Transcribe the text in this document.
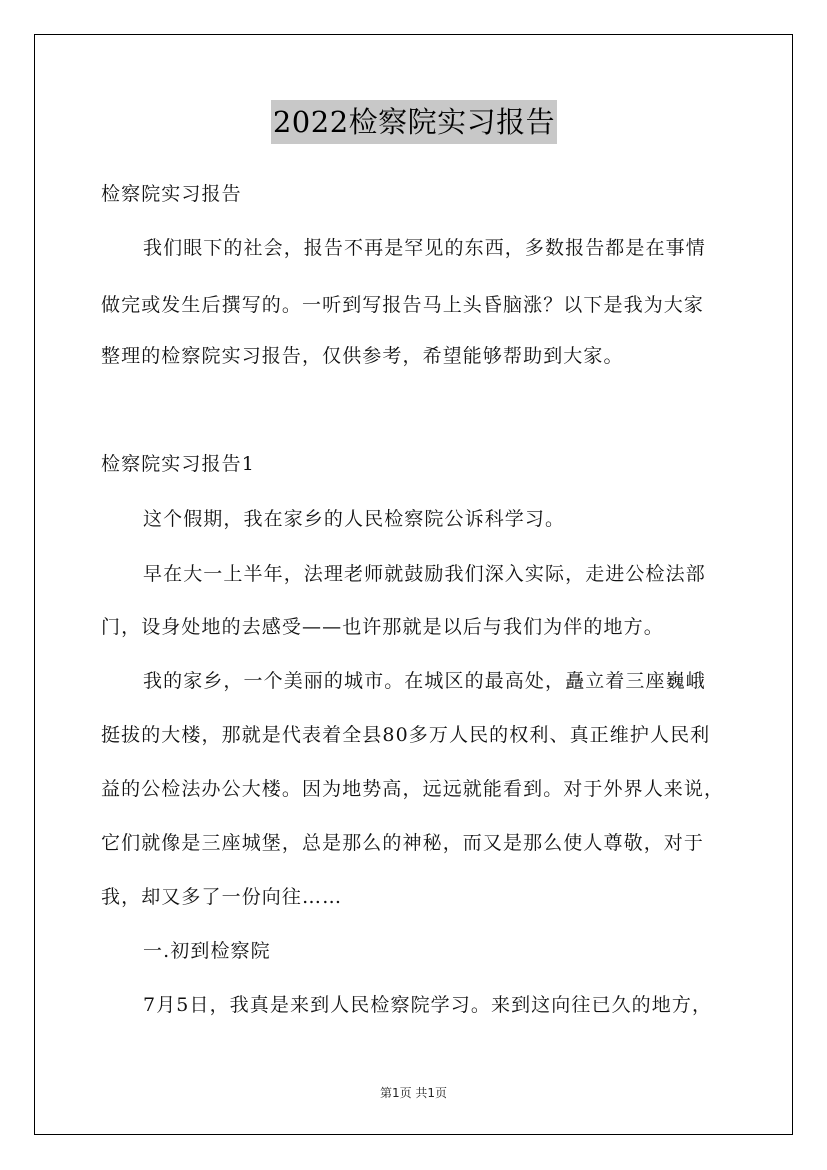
2022检察院实习报告
检察院实习报告
我们眼下的社会，报告不再是罕见的东西，多数报告都是在事情
做完或发生后撰写的。一听到写报告马上头昏脑涨？以下是我为大家
整理的检察院实习报告，仅供参考，希望能够帮助到大家。
检察院实习报告1
这个假期，我在家乡的人民检察院公诉科学习。
早在大一上半年，法理老师就鼓励我们深入实际，走进公检法部
门，设身处地的去感受——也许那就是以后与我们为伴的地方。
我的家乡，一个美丽的城市。在城区的最高处，矗立着三座巍峨
挺拔的大楼，那就是代表着全县80多万人民的权利、真正维护人民利
益的公检法办公大楼。因为地势高，远远就能看到。对于外界人来说，
它们就像是三座城堡，总是那么的神秘，而又是那么使人尊敬，对于
我，却又多了一份向往……
一.初到检察院
7月5日，我真是来到人民检察院学习。来到这向往已久的地方，
第1页 共1页
